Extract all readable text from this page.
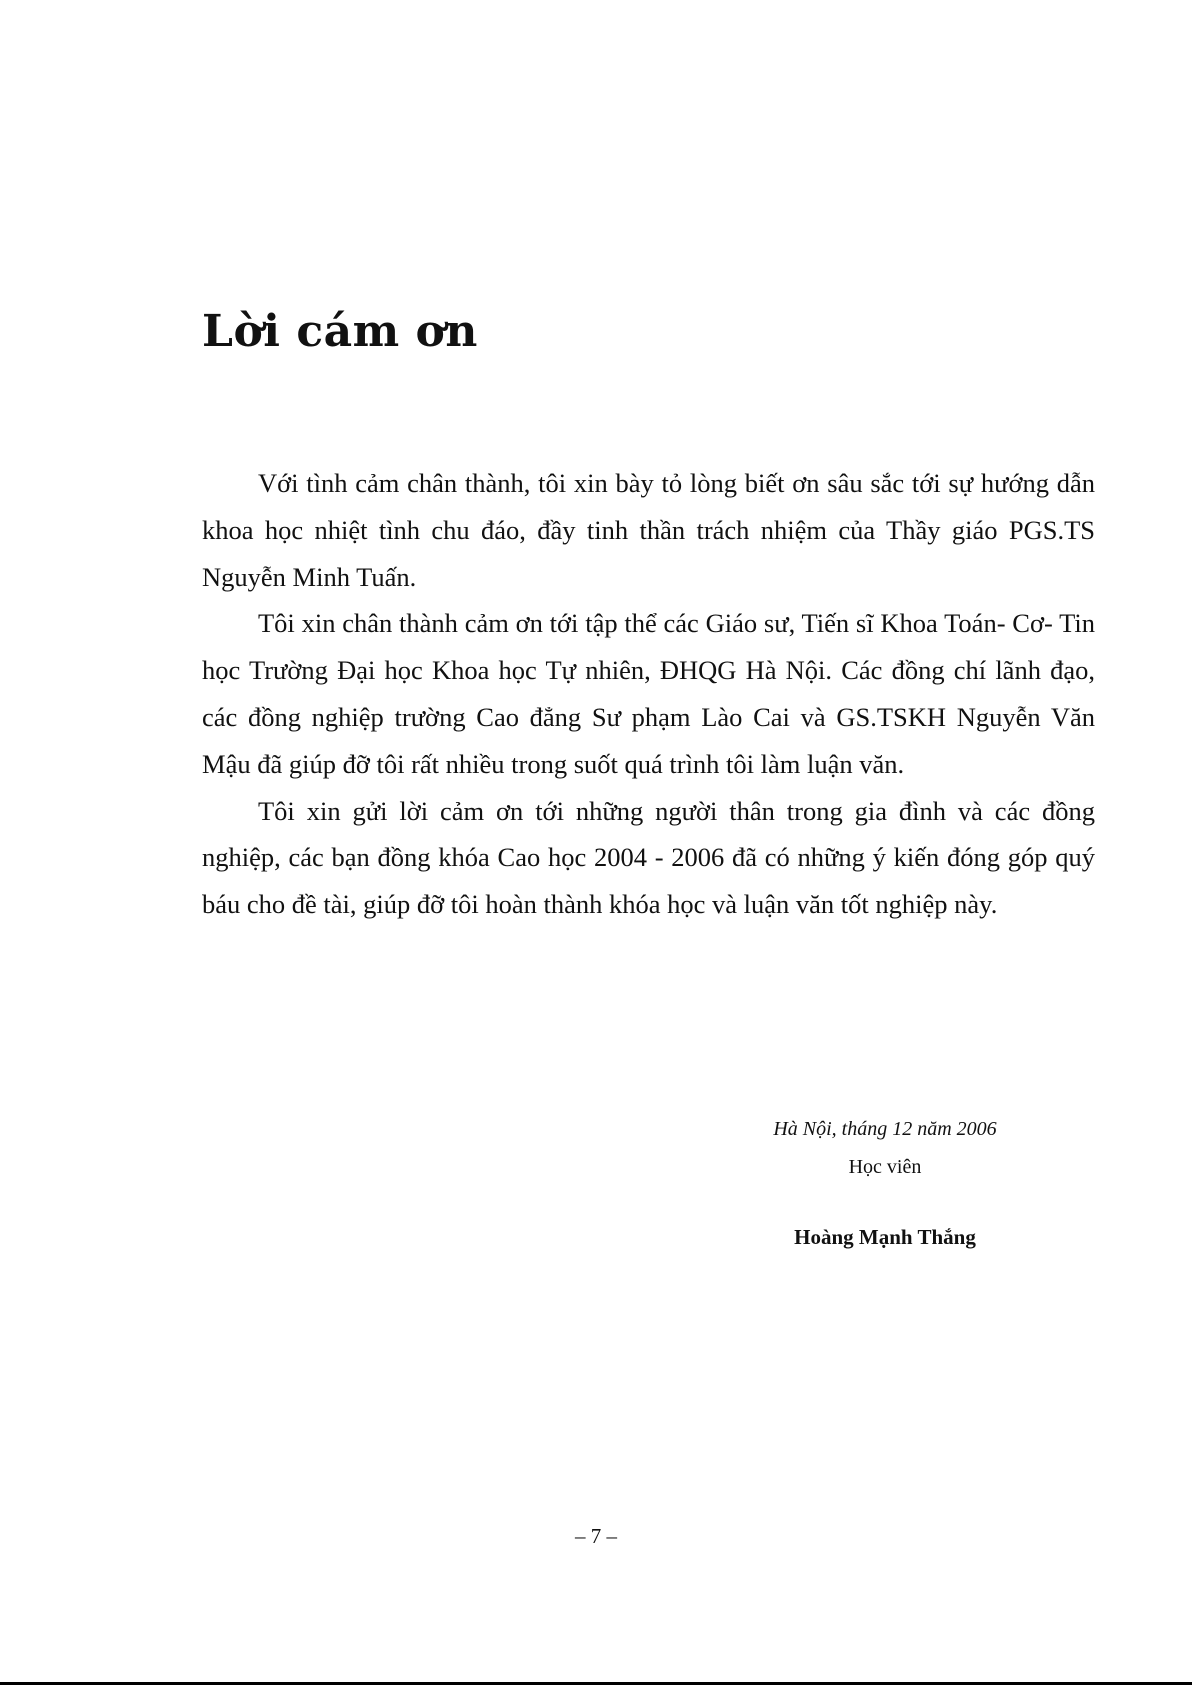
Lời cám ơn

Với tình cảm chân thành, tôi xin bày tỏ lòng biết ơn sâu sắc tới sự hướng dẫn khoa học nhiệt tình chu đáo, đầy tinh thần trách nhiệm của Thầy giáo PGS.TS Nguyễn Minh Tuấn.

Tôi xin chân thành cảm ơn tới tập thể các Giáo sư, Tiến sĩ Khoa Toán- Cơ- Tin học Trường Đại học Khoa học Tự nhiên, ĐHQG Hà Nội. Các đồng chí lãnh đạo, các đồng nghiệp trường Cao đẳng Sư phạm Lào Cai và GS.TSKH Nguyễn Văn Mậu đã giúp đỡ tôi rất nhiều trong suốt quá trình tôi làm luận văn.

Tôi xin gửi lời cảm ơn tới những người thân trong gia đình và các đồng nghiệp, các bạn đồng khóa Cao học 2004 - 2006 đã có những ý kiến đóng góp quý báu cho đề tài, giúp đỡ tôi hoàn thành khóa học và luận văn tốt nghiệp này.

Hà Nội, tháng 12 năm 2006
Học viên
Hoàng Mạnh Thắng
– 7 –
